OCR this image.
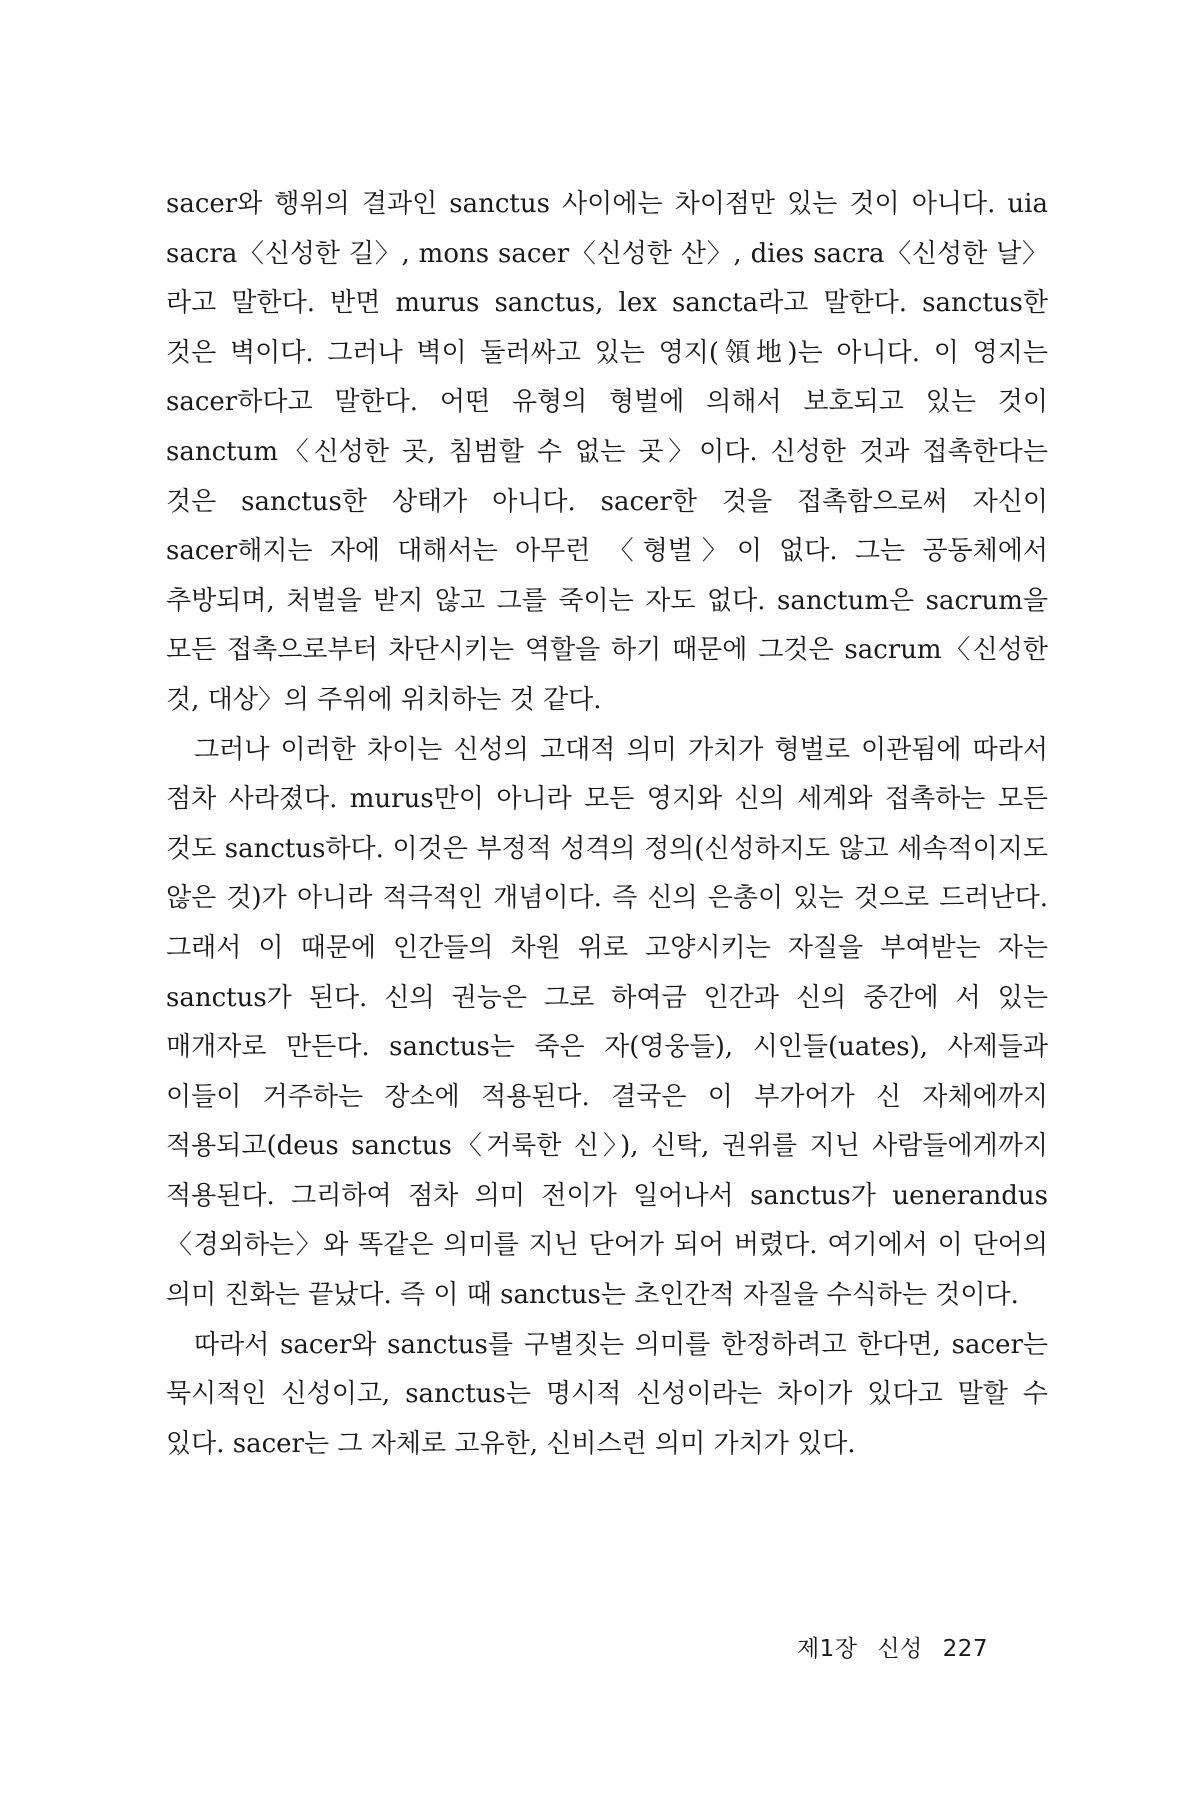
sacer와 행위의 결과인 sanctus 사이에는 차이점만 있는 것이 아니다. uia sacra〈신성한 길〉, mons sacer〈신성한 산〉, dies sacra〈신성한 날〉라고 말한다. 반면 murus sanctus, lex sancta라고 말한다. sanctus한 것은 벽이다. 그러나 벽이 둘러싸고 있는 영지(領地)는 아니다. 이 영지는 sacer하다고 말한다. 어떤 유형의 형벌에 의해서 보호되고 있는 것이 sanctum〈신성한 곳, 침범할 수 없는 곳〉이다. 신성한 것과 접촉한다는 것은 sanctus한 상태가 아니다. sacer한 것을 접촉함으로써 자신이 sacer해지는 자에 대해서는 아무런 〈형벌〉이 없다. 그는 공동체에서 추방되며, 처벌을 받지 않고 그를 죽이는 자도 없다. sanctum은 sacrum을 모든 접촉으로부터 차단시키는 역할을 하기 때문에 그것은 sacrum〈신성한 것, 대상〉의 주위에 위치하는 것 같다.

그러나 이러한 차이는 신성의 고대적 의미 가치가 형벌로 이관됨에 따라서 점차 사라졌다. murus만이 아니라 모든 영지와 신의 세계와 접촉하는 모든 것도 sanctus하다. 이것은 부정적 성격의 정의(신성하지도 않고 세속적이지도 않은 것)가 아니라 적극적인 개념이다. 즉 신의 은총이 있는 것으로 드러난다. 그래서 이 때문에 인간들의 차원 위로 고양시키는 자질을 부여받는 자는 sanctus가 된다. 신의 권능은 그로 하여금 인간과 신의 중간에 서 있는 매개자로 만든다. sanctus는 죽은 자(영웅들), 시인들(uates), 사제들과 이들이 거주하는 장소에 적용된다. 결국은 이 부가어가 신 자체에까지 적용되고(deus sanctus〈거룩한 신〉), 신탁, 권위를 지닌 사람들에게까지 적용된다. 그리하여 점차 의미 전이가 일어나서 sanctus가 uenerandus〈경외하는〉와 똑같은 의미를 지닌 단어가 되어 버렸다. 여기에서 이 단어의 의미 진화는 끝났다. 즉 이 때 sanctus는 초인간적 자질을 수식하는 것이다.

따라서 sacer와 sanctus를 구별짓는 의미를 한정하려고 한다면, sacer는 묵시적인 신성이고, sanctus는 명시적 신성이라는 차이가 있다고 말할 수 있다. sacer는 그 자체로 고유한, 신비스런 의미 가치가 있다.

제1장 신성 227
